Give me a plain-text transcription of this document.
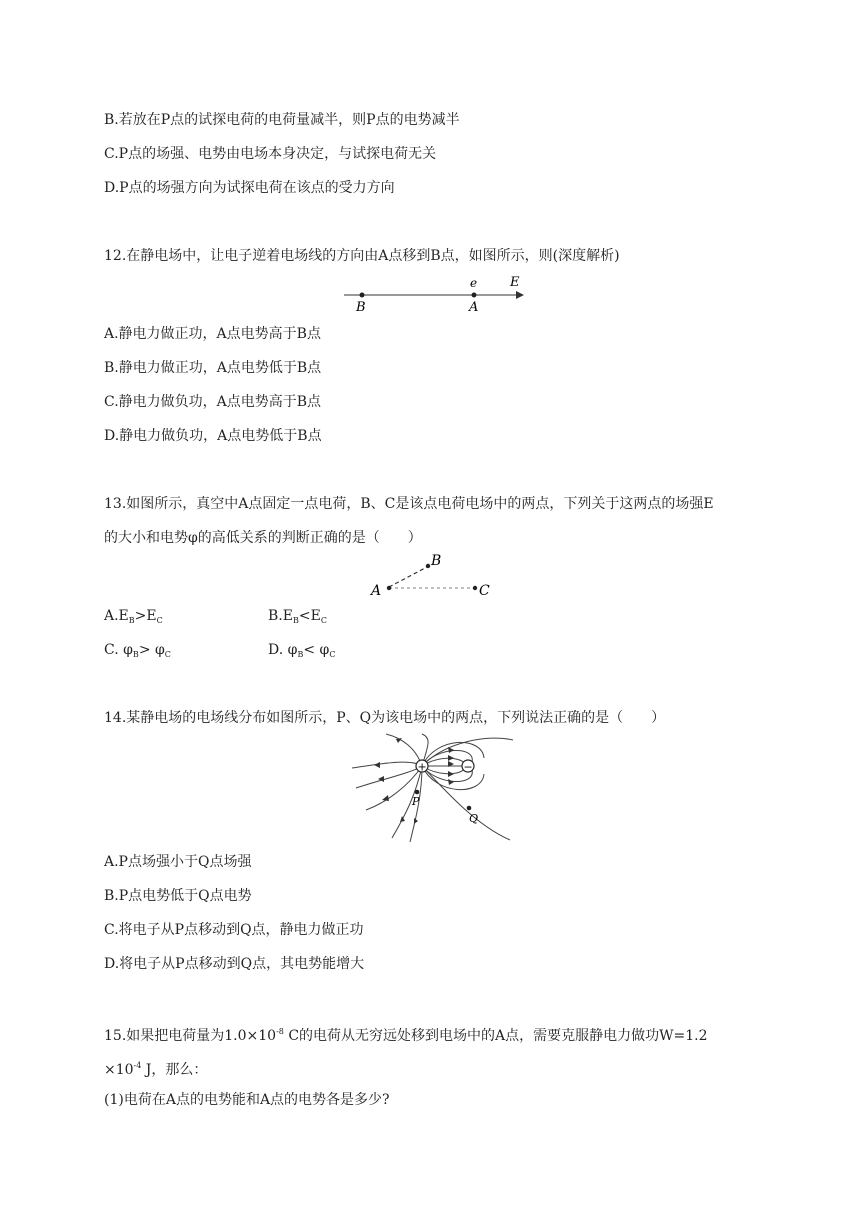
B.若放在P点的试探电荷的电荷量减半，则P点的电势减半
C.P点的场强、电势由电场本身决定，与试探电荷无关
D.P点的场强方向为试探电荷在该点的受力方向
12.在静电场中，让电子逆着电场线的方向由A点移到B点，如图所示，则(深度解析)
B	A
e	E
A.静电力做正功，A点电势高于B点
B.静电力做正功，A点电势低于B点
C.静电力做负功，A点电势高于B点
D.静电力做负功，A点电势低于B点
13.如图所示，真空中A点固定一点电荷，B、C是该点电荷电场中的两点，下列关于这两点的场强E
的大小和电势φ的高低关系的判断正确的是（　　）
A
B
C
$A.E_B>E_C$	$B.E_B<E_C$
C. $\varphi_B> \varphi_C$	D. $\varphi_B< \varphi_C$
14.某静电场的电场线分布如图所示，P、Q为该电场中的两点，下列说法正确的是（　　）
+	−
P
Q
A.P点场强小于Q点场强
B.P点电势低于Q点电势
C.将电子从P点移动到Q点，静电力做正功
D.将电子从P点移动到Q点，其电势能增大
15.如果把电荷量为$1.0\times 10^{-8}$ C的电荷从无穷远处移到电场中的A点，需要克服静电力做功W=1.2
$\times 10^{-4}$ J，那么：
(1)电荷在A点的电势能和A点的电势各是多少?
